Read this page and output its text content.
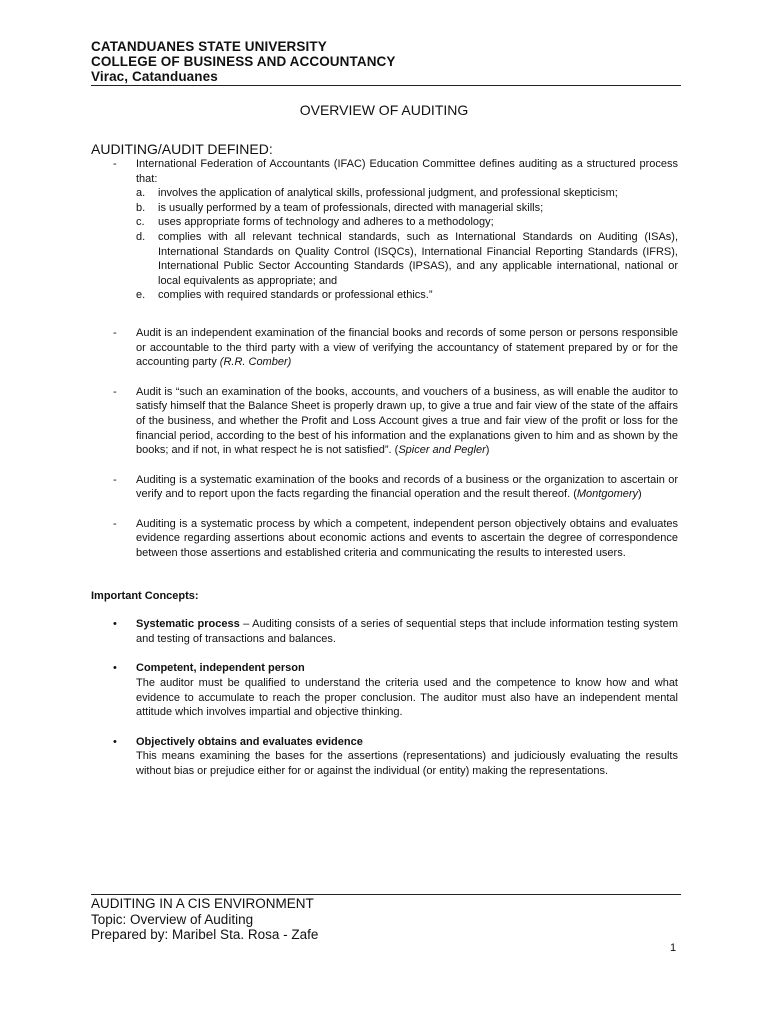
CATANDUANES STATE UNIVERSITY
COLLEGE OF BUSINESS AND ACCOUNTANCY
Virac, Catanduanes
OVERVIEW OF AUDITING
AUDITING/AUDIT DEFINED:
- International Federation of Accountants (IFAC) Education Committee defines auditing as a structured process that:
a. involves the application of analytical skills, professional judgment, and professional skepticism;
b. is usually performed by a team of professionals, directed with managerial skills;
c. uses appropriate forms of technology and adheres to a methodology;
d. complies with all relevant technical standards, such as International Standards on Auditing (ISAs), International Standards on Quality Control (ISQCs), International Financial Reporting Standards (IFRS), International Public Sector Accounting Standards (IPSAS), and any applicable international, national or local equivalents as appropriate; and
e. complies with required standards or professional ethics.”
- Audit is an independent examination of the financial books and records of some person or persons responsible or accountable to the third party with a view of verifying the accountancy of statement prepared by or for the accounting party (R.R. Comber)
- Audit is “such an examination of the books, accounts, and vouchers of a business, as will enable the auditor to satisfy himself that the Balance Sheet is properly drawn up, to give a true and fair view of the state of the affairs of the business, and whether the Profit and Loss Account gives a true and fair view of the profit or loss for the financial period, according to the best of his information and the explanations given to him and as shown by the books; and if not, in what respect he is not satisfied”. (Spicer and Pegler)
- Auditing is a systematic examination of the books and records of a business or the organization to ascertain or verify and to report upon the facts regarding the financial operation and the result thereof. (Montgomery)
- Auditing is a systematic process by which a competent, independent person objectively obtains and evaluates evidence regarding assertions about economic actions and events to ascertain the degree of correspondence between those assertions and established criteria and communicating the results to interested users.
Important Concepts:
• Systematic process – Auditing consists of a series of sequential steps that include information testing system and testing of transactions and balances.
• Competent, independent person
The auditor must be qualified to understand the criteria used and the competence to know how and what evidence to accumulate to reach the proper conclusion. The auditor must also have an independent mental attitude which involves impartial and objective thinking.
• Objectively obtains and evaluates evidence
This means examining the bases for the assertions (representations) and judiciously evaluating the results without bias or prejudice either for or against the individual (or entity) making the representations.
AUDITING IN A CIS ENVIRONMENT
Topic: Overview of Auditing
Prepared by: Maribel Sta. Rosa - Zafe
1
